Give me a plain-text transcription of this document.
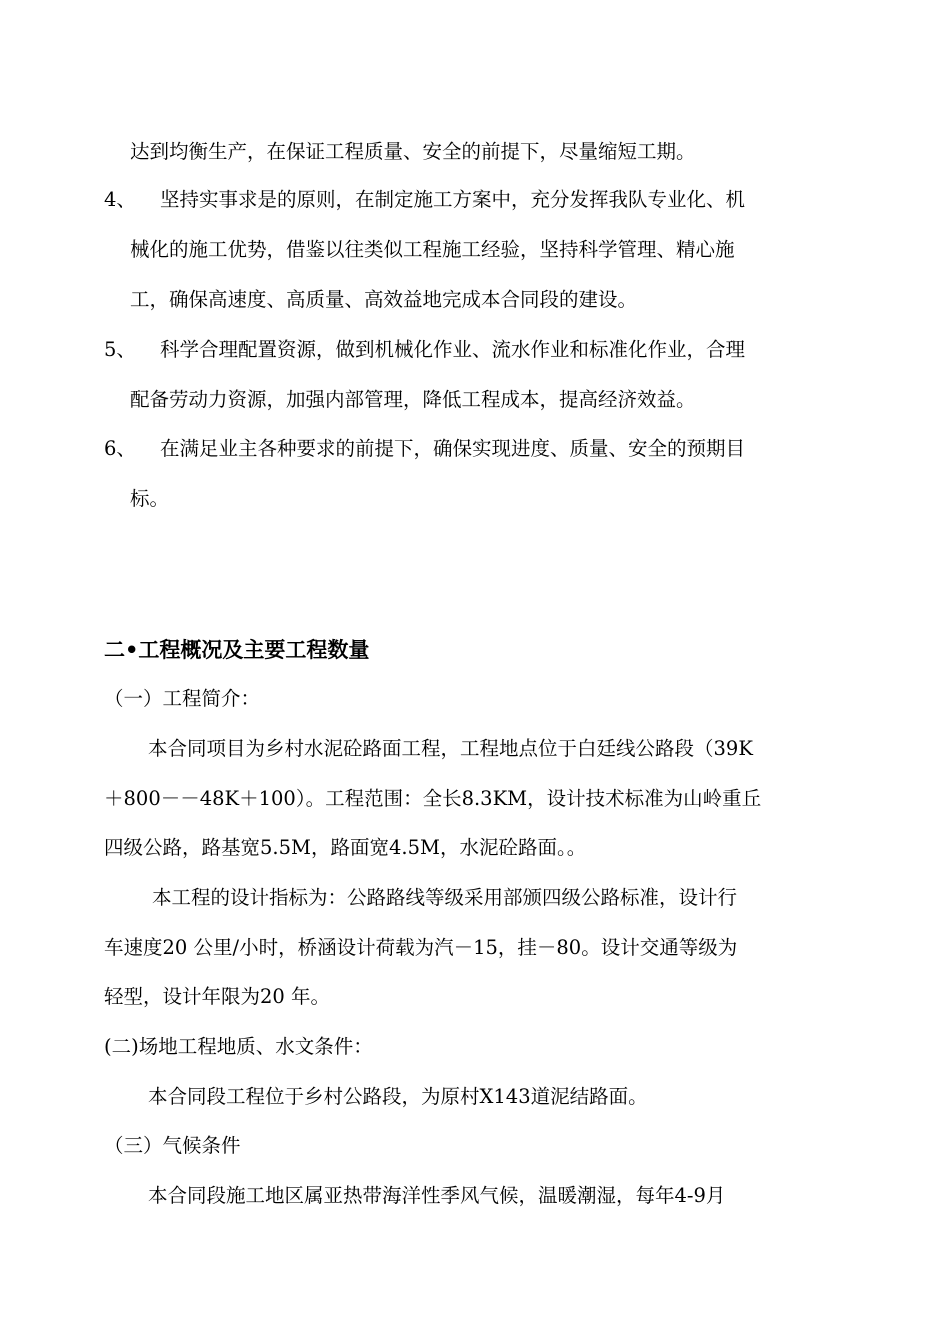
达到均衡生产，在保证工程质量、安全的前提下，尽量缩短工期。
4、 坚持实事求是的原则，在制定施工方案中，充分发挥我队专业化、机
械化的施工优势，借鉴以往类似工程施工经验，坚持科学管理、精心施
工，确保高速度、高质量、高效益地完成本合同段的建设。
5、 科学合理配置资源，做到机械化作业、流水作业和标准化作业，合理
配备劳动力资源，加强内部管理，降低工程成本，提高经济效益。
6、 在满足业主各种要求的前提下，确保实现进度、质量、安全的预期目
标。
二•工程概况及主要工程数量
（一）工程简介：
本合同项目为乡村水泥砼路面工程，工程地点位于白廷线公路段（39K
＋800－－48K＋100）。工程范围：全长8.3KM，设计技术标准为山岭重丘
四级公路，路基宽5.5M，路面宽4.5M，水泥砼路面。。
本工程的设计指标为：公路路线等级采用部颁四级公路标准，设计行
车速度20 公里/小时，桥涵设计荷载为汽－15，挂－80。设计交通等级为
轻型，设计年限为20 年。
(二)场地工程地质、水文条件：
本合同段工程位于乡村公路段，为原村X143道泥结路面。
（三）气候条件
本合同段施工地区属亚热带海洋性季风气候，温暖潮湿，每年4-9月
